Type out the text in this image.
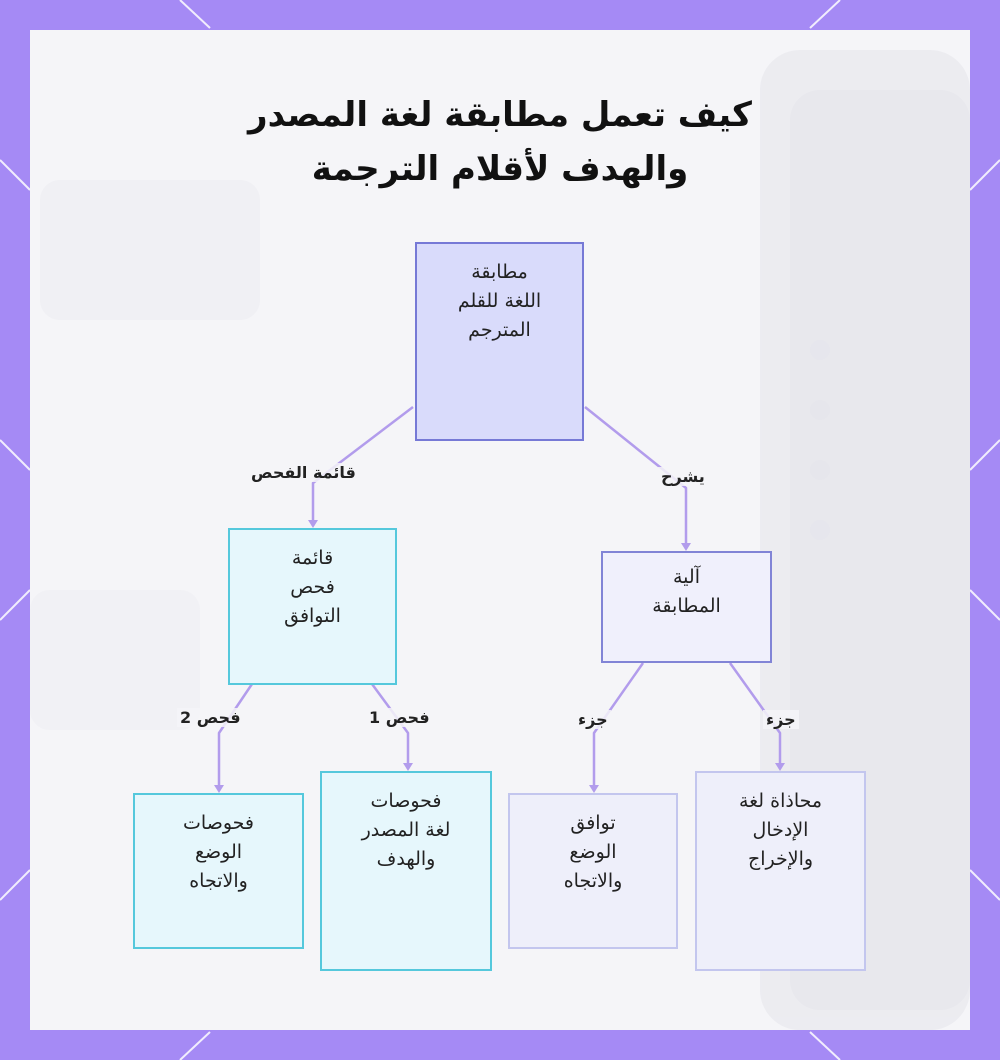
كيف تعمل مطابقة لغة المصدر
والهدف لأقلام الترجمة
مطابقة
اللغة للقلم
المترجم
قائمة
فحص
التوافق
آلية
المطابقة
فحوصات
لغة المصدر
والهدف
فحوصات
الوضع
والاتجاه
توافق
الوضع
والاتجاه
محاذاة لغة
الإدخال
والإخراج
قائمة الفحص	يشرح
فحص 1
فحص 2	جزء	جزء
